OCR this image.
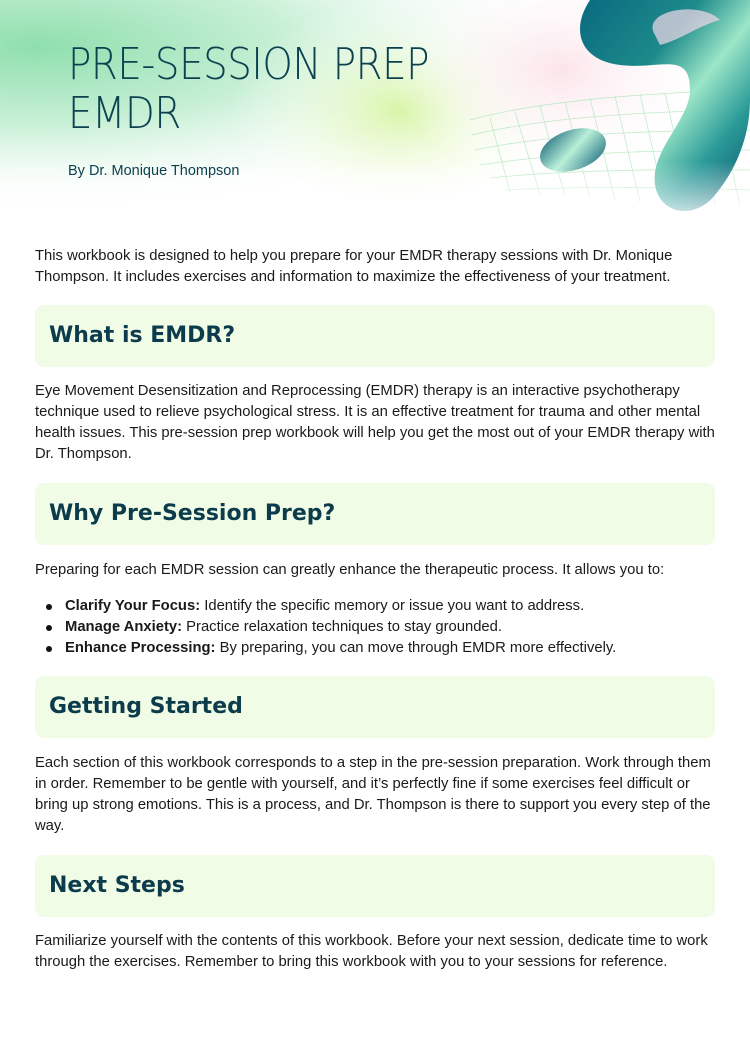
PRE-SESSION PREP
EMDR
By Dr. Monique Thompson

This workbook is designed to help you prepare for your EMDR therapy sessions with Dr. Monique Thompson. It includes exercises and information to maximize the effectiveness of your treatment.

What is EMDR?

Eye Movement Desensitization and Reprocessing (EMDR) therapy is an interactive psychotherapy technique used to relieve psychological stress. It is an effective treatment for trauma and other mental health issues. This pre-session prep workbook will help you get the most out of your EMDR therapy with Dr. Thompson.

Why Pre-Session Prep?

Preparing for each EMDR session can greatly enhance the therapeutic process. It allows you to:

Clarify Your Focus: Identify the specific memory or issue you want to address.
Manage Anxiety: Practice relaxation techniques to stay grounded.
Enhance Processing: By preparing, you can move through EMDR more effectively.
Getting Started

Each section of this workbook corresponds to a step in the pre-session preparation. Work through them in order. Remember to be gentle with yourself, and it’s perfectly fine if some exercises feel difficult or bring up strong emotions. This is a process, and Dr. Thompson is there to support you every step of the way.

Next Steps

Familiarize yourself with the contents of this workbook. Before your next session, dedicate time to work through the exercises. Remember to bring this workbook with you to your sessions for reference.
